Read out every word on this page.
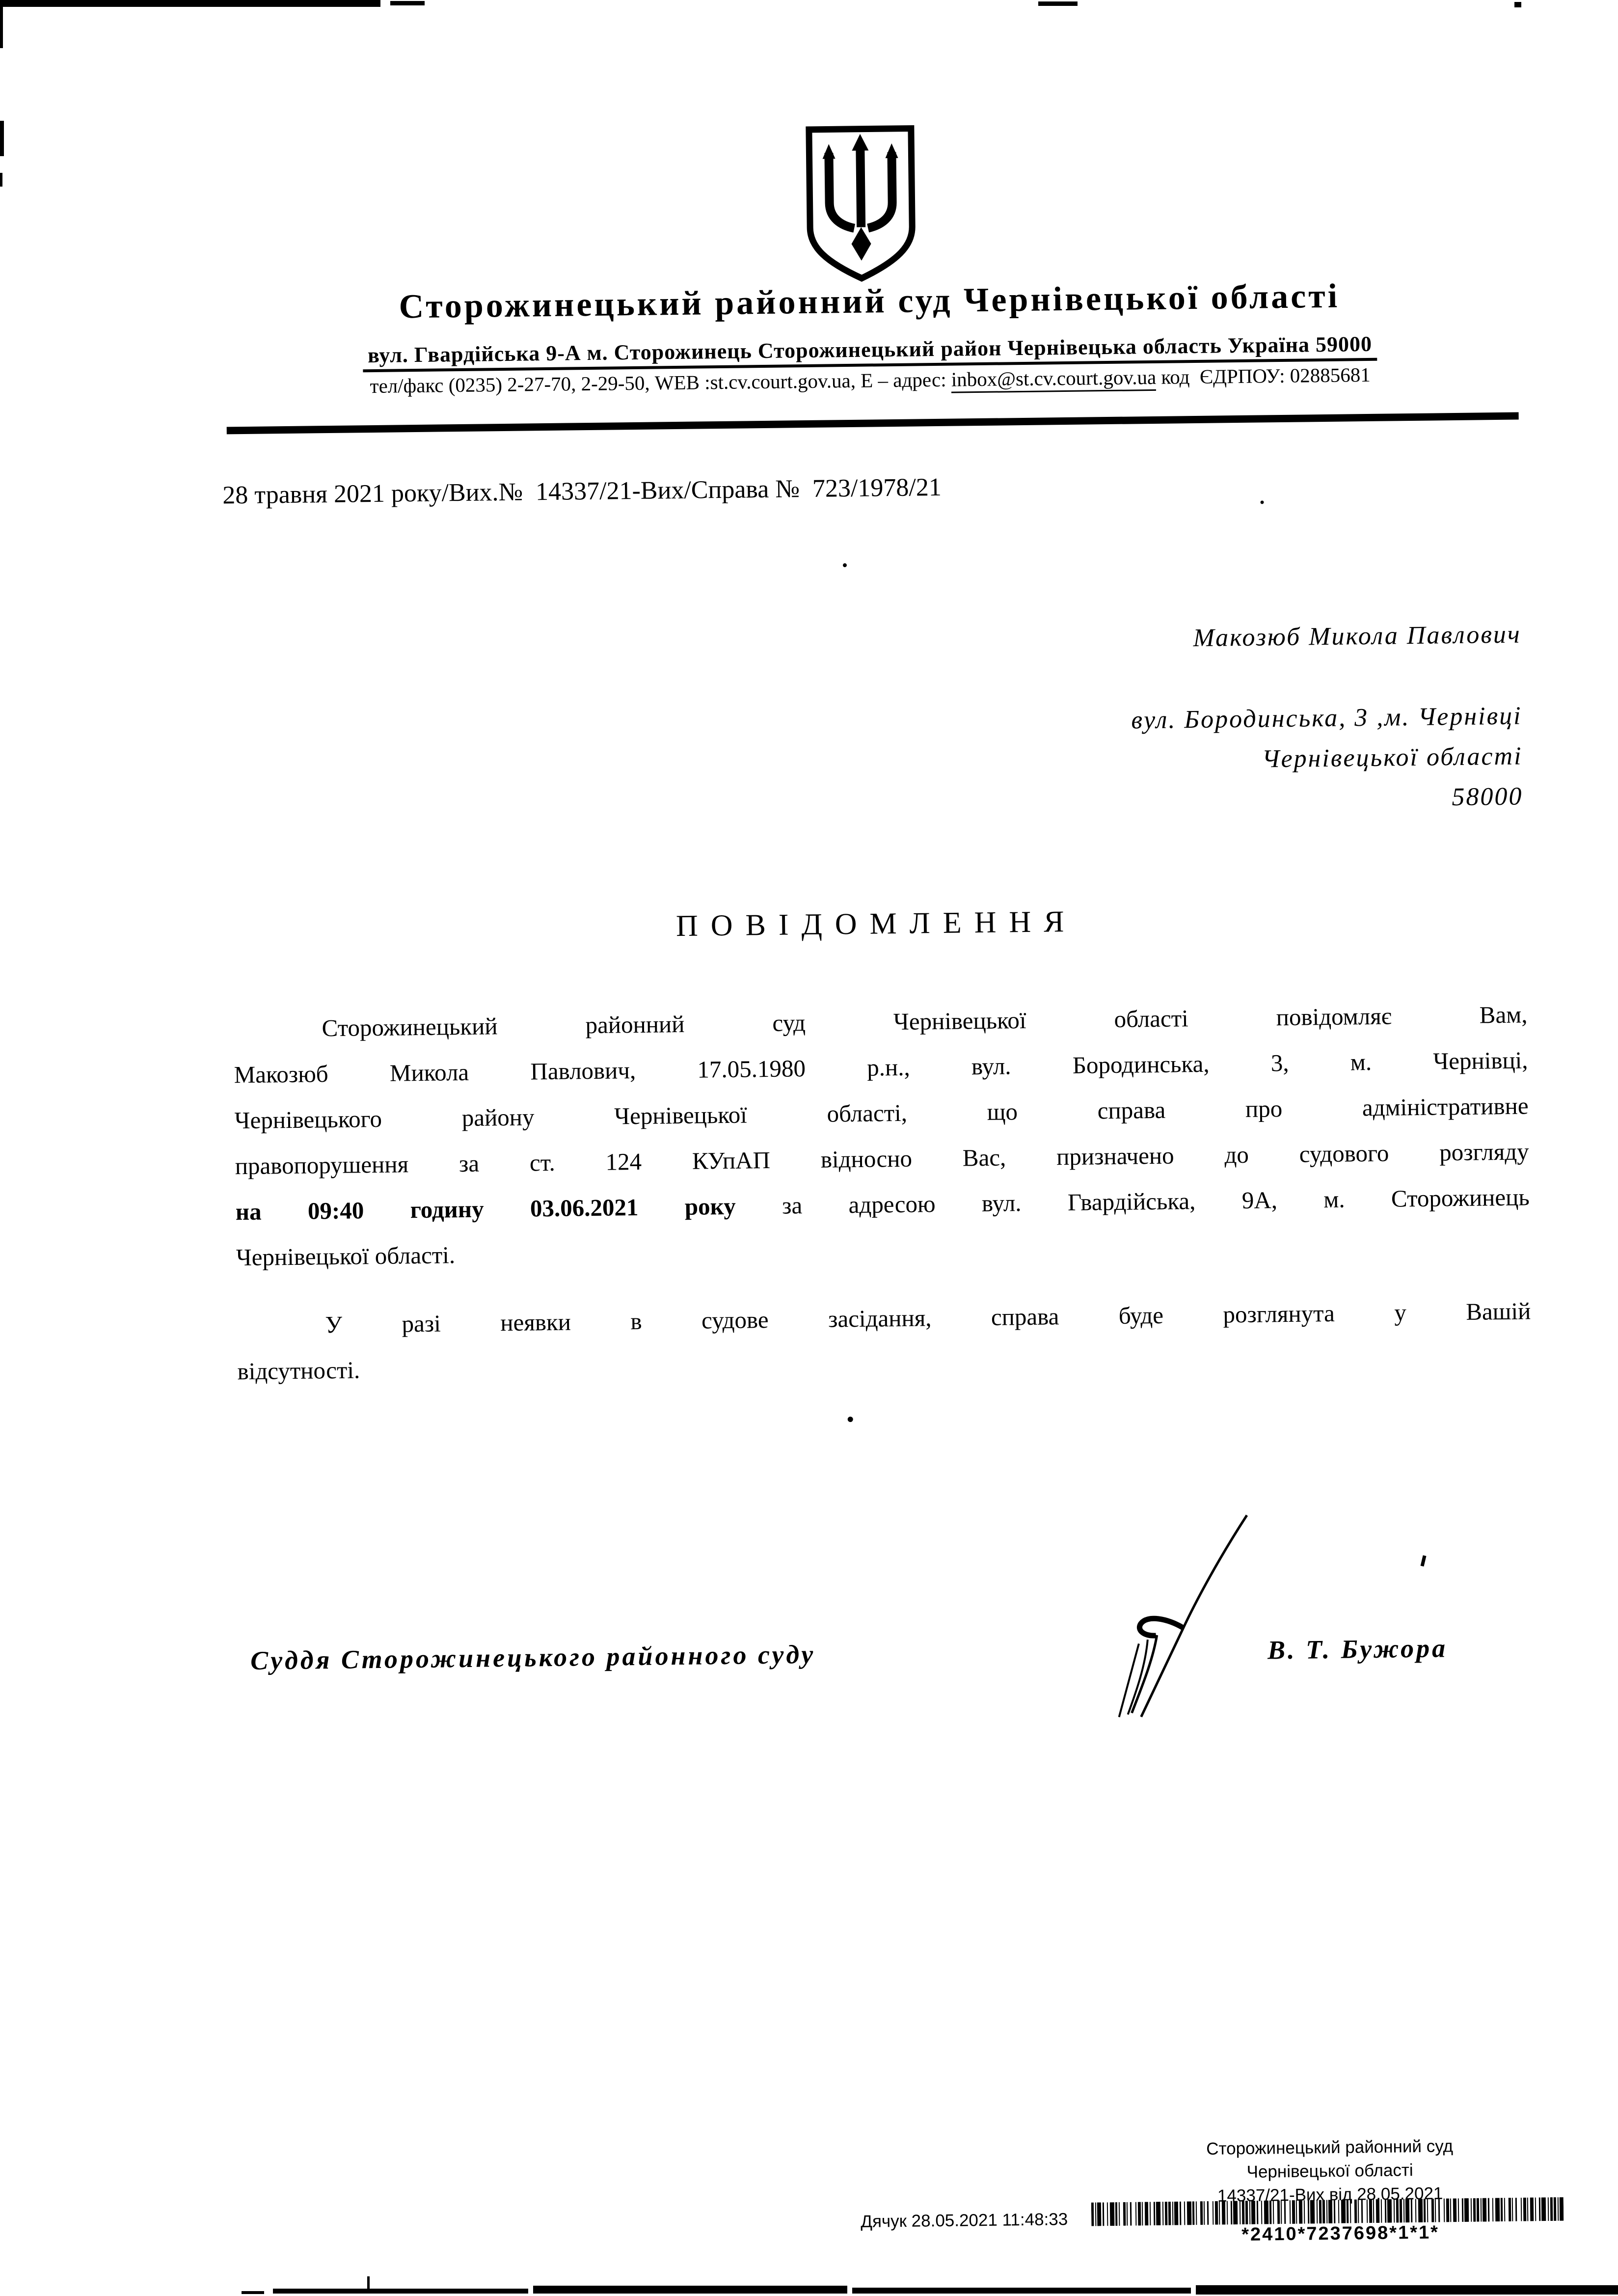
Сторожинецький районний суд Чернівецької області
вул. Гвардійська 9-А м. Сторожинець Сторожинецький район Чернівецька область Україна 59000
тел/факс (0235) 2-27-70, 2-29-50, WEB :st.cv.court.gov.ua, Е – адрес: inbox@st.cv.court.gov.ua код  ЄДРПОУ: 02885681
28 травня 2021 року/Вих.№  14337/21-Вих/Справа №  723/1978/21
Макозюб Микола Павлович
вул. Бородинська, 3 ,м. Чернівці
Чернівецької області
58000
ПОВІДОМЛЕННЯ
Сторожинецький районний суд Чернівецької області повідомляє Вам,
Макозюб Микола Павлович, 17.05.1980 р.н., вул. Бородинська, 3, м. Чернівці,
Чернівецького району Чернівецької області, що справа про адміністративне
правопорушення за ст. 124 КУпАП відносно Вас, призначено до судового розгляду
на 09:40 годину 03.06.2021 року за адресою вул. Гвардійська, 9А, м. Сторожинець
Чернівецької області.
У разі неявки в судове засідання, справа буде розглянута у Вашій
відсутності.
Суддя Сторожинецького районного суду	В. Т. Бужора
Сторожинецький районний суд
Чернівецької області
14337/21-Вих від 28.05.2021
Дячук 28.05.2021 11:48:33
*2410*7237698*1*1*
